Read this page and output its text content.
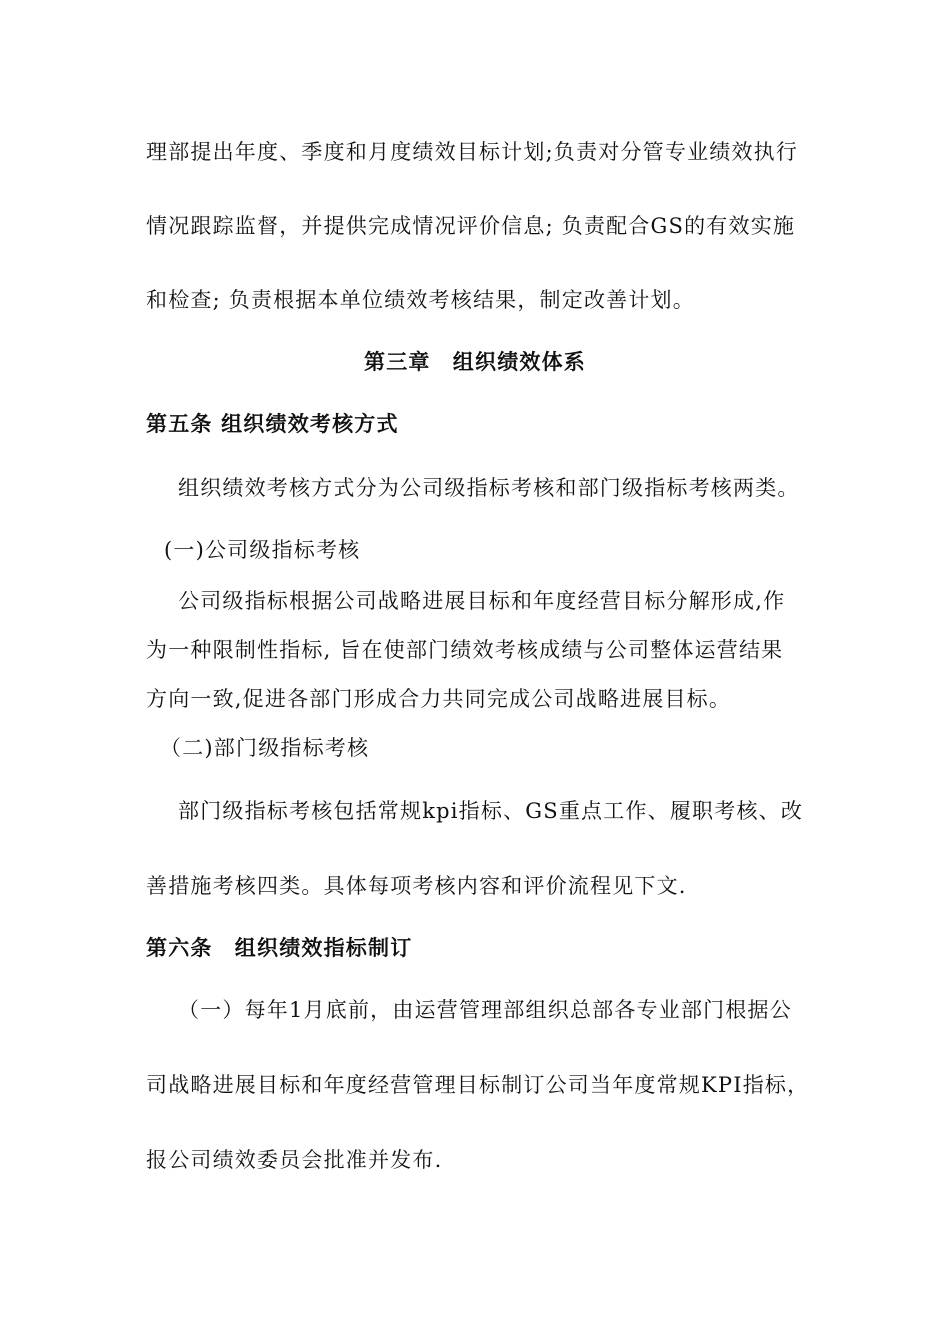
理部提出年度、季度和月度绩效目标计划;负责对分管专业绩效执行
情况跟踪监督，并提供完成情况评价信息; 负责配合GS的有效实施
和检查; 负责根据本单位绩效考核结果，制定改善计划。
第三章　组织绩效体系
第五条 组织绩效考核方式
组织绩效考核方式分为公司级指标考核和部门级指标考核两类。
(一)公司级指标考核
公司级指标根据公司战略进展目标和年度经营目标分解形成,作
为一种限制性指标, 旨在使部门绩效考核成绩与公司整体运营结果
方向一致,促进各部门形成合力共同完成公司战略进展目标。
（二)部门级指标考核
部门级指标考核包括常规kpi指标、GS重点工作、履职考核、改
善措施考核四类。具体每项考核内容和评价流程见下文.
第六条　组织绩效指标制订
（一）每年1月底前，由运营管理部组织总部各专业部门根据公
司战略进展目标和年度经营管理目标制订公司当年度常规KPI指标，
报公司绩效委员会批准并发布.
